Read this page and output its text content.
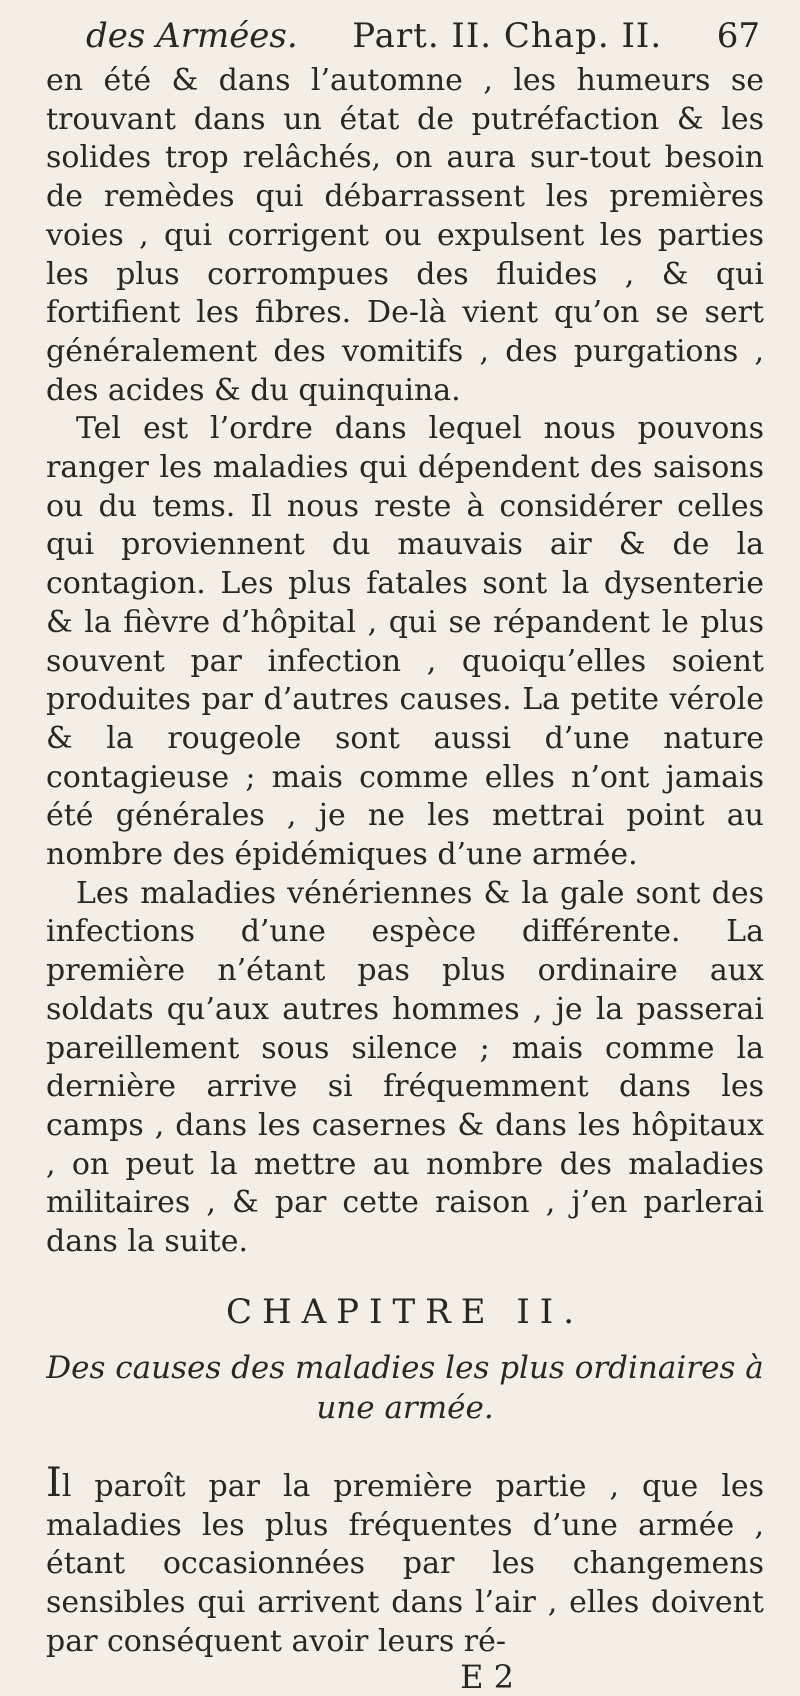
des Armées. Part. II. Chap. II. 67

en été & dans l’automne , les humeurs se trouvant dans un état de putréfaction & les solides trop relâchés, on aura sur-tout besoin de remèdes qui débarrassent les premières voies , qui corrigent ou expulsent les parties les plus corrompues des fluides , & qui fortifient les fibres. De-là vient qu’on se sert généralement des vomitifs , des purgations , des acides & du quinquina.

Tel est l’ordre dans lequel nous pouvons ranger les maladies qui dépendent des saisons ou du tems. Il nous reste à considérer celles qui proviennent du mauvais air & de la contagion. Les plus fatales sont la dysenterie & la fièvre d’hôpital , qui se répandent le plus souvent par infection , quoiqu’elles soient produites par d’autres causes. La petite vérole & la rougeole sont aussi d’une nature contagieuse ; mais comme elles n’ont jamais été générales , je ne les mettrai point au nombre des épidémiques d’une armée.

Les maladies vénériennes & la gale sont des infections d’une espèce différente. La première n’étant pas plus ordinaire aux soldats qu’aux autres hommes , je la passerai pareillement sous silence ; mais comme la dernière arrive si fréquemment dans les camps , dans les casernes & dans les hôpitaux , on peut la mettre au nombre des maladies militaires , & par cette raison , j’en parlerai dans la suite.

CHAPITRE II.
Des causes des maladies les plus ordinaires à une armée.

Il paroît par la première partie , que les maladies les plus fréquentes d’une armée , étant occasionnées par les changemens sensibles qui arrivent dans l’air , elles doivent par conséquent avoir leurs ré-

E 2
